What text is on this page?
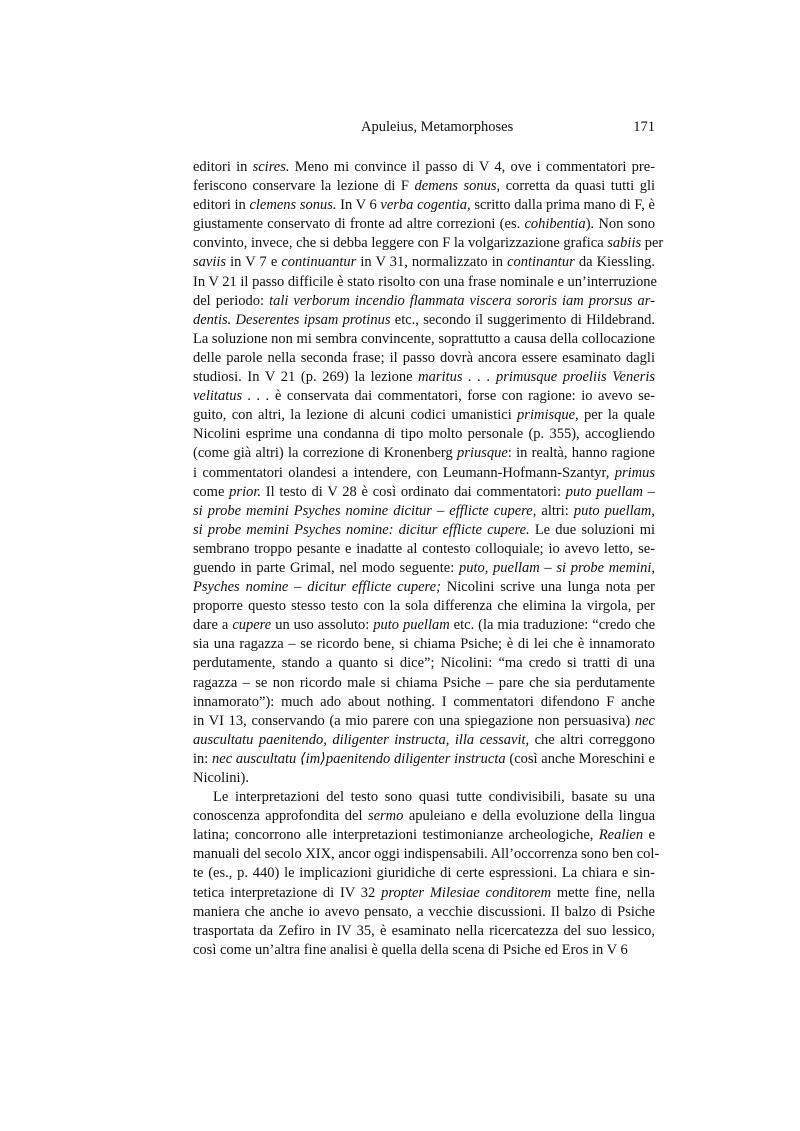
Apuleius, Metamorphoses	171
editori in scires. Meno mi convince il passo di V 4, ove i commentatori pre-
feriscono conservare la lezione di F demens sonus, corretta da quasi tutti gli
editori in clemens sonus. In V 6 verba cogentia, scritto dalla prima mano di F, è
giustamente conservato di fronte ad altre correzioni (es. cohibentia). Non sono
convinto, invece, che si debba leggere con F la volgarizzazione grafica sabiis per
saviis in V 7 e continuantur in V 31, normalizzato in continantur da Kiessling.
In V 21 il passo difficile è stato risolto con una frase nominale e un’interruzione
del periodo: tali verborum incendio flammata viscera sororis iam prorsus ar-
dentis. Deserentes ipsam protinus etc., secondo il suggerimento di Hildebrand.
La soluzione non mi sembra convincente, soprattutto a causa della collocazione
delle parole nella seconda frase; il passo dovrà ancora essere esaminato dagli
studiosi. In V 21 (p. 269) la lezione maritus . . . primusque proeliis Veneris
velitatus . . . è conservata dai commentatori, forse con ragione: io avevo se-
guito, con altri, la lezione di alcuni codici umanistici primisque, per la quale
Nicolini esprime una condanna di tipo molto personale (p. 355), accogliendo
(come già altri) la correzione di Kronenberg priusque: in realtà, hanno ragione
i commentatori olandesi a intendere, con Leumann-Hofmann-Szantyr, primus
come prior. Il testo di V 28 è così ordinato dai commentatori: puto puellam –
si probe memini Psyches nomine dicitur – efflicte cupere, altri: puto puellam,
si probe memini Psyches nomine: dicitur efflicte cupere. Le due soluzioni mi
sembrano troppo pesante e inadatte al contesto colloquiale; io avevo letto, se-
guendo in parte Grimal, nel modo seguente: puto, puellam – si probe memini,
Psyches nomine – dicitur efflicte cupere; Nicolini scrive una lunga nota per
proporre questo stesso testo con la sola differenza che elimina la virgola, per
dare a cupere un uso assoluto: puto puellam etc. (la mia traduzione: “credo che
sia una ragazza – se ricordo bene, si chiama Psiche; è di lei che è innamorato
perdutamente, stando a quanto si dice”; Nicolini: “ma credo si tratti di una
ragazza – se non ricordo male si chiama Psiche – pare che sia perdutamente
innamorato”): much ado about nothing. I commentatori difendono F anche
in VI 13, conservando (a mio parere con una spiegazione non persuasiva) nec
auscultatu paenitendo, diligenter instructa, illa cessavit, che altri correggono
in: nec auscultatu ⟨im⟩paenitendo diligenter instructa (così anche Moreschini e
Nicolini).
Le interpretazioni del testo sono quasi tutte condivisibili, basate su una
conoscenza approfondita del sermo apuleiano e della evoluzione della lingua
latina; concorrono alle interpretazioni testimonianze archeologiche, Realien e
manuali del secolo XIX, ancor oggi indispensabili. All’occorrenza sono ben col-
te (es., p. 440) le implicazioni giuridiche di certe espressioni. La chiara e sin-
tetica interpretazione di IV 32 propter Milesiae conditorem mette fine, nella
maniera che anche io avevo pensato, a vecchie discussioni. Il balzo di Psiche
trasportata da Zefiro in IV 35, è esaminato nella ricercatezza del suo lessico,
così come un’altra fine analisi è quella della scena di Psiche ed Eros in V 6
